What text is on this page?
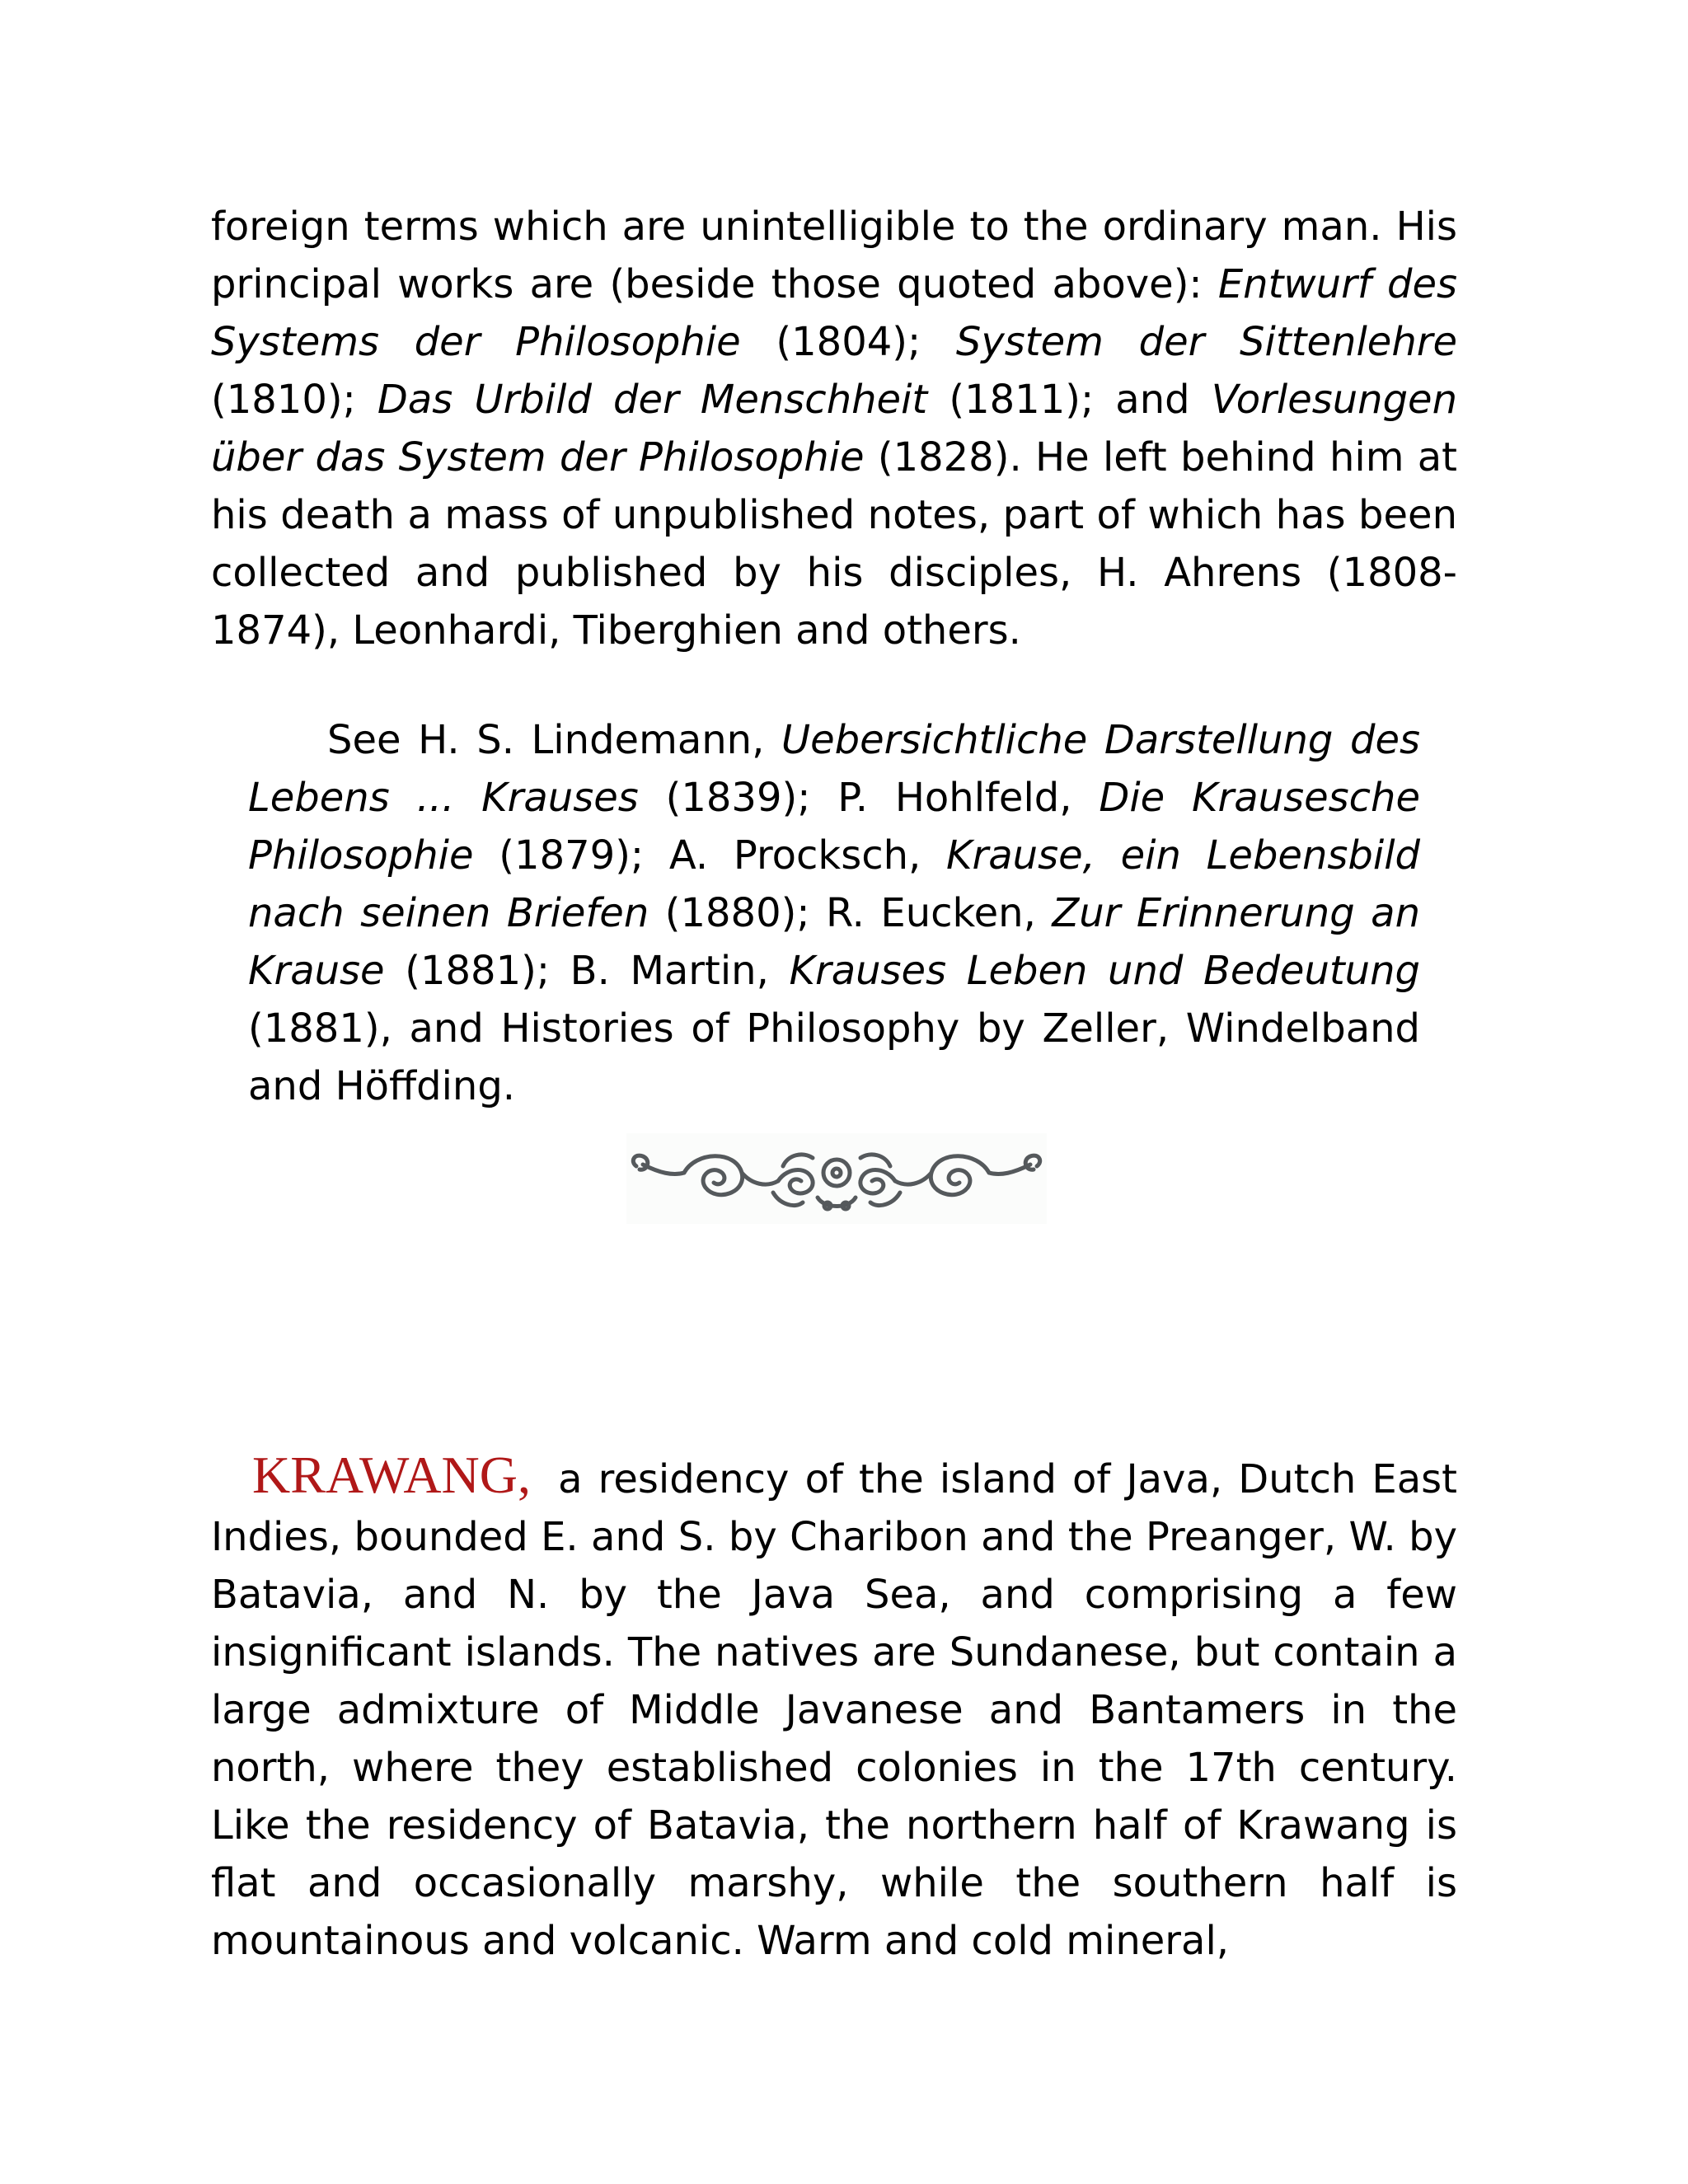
foreign terms which are unintelligible to the ordinary man. His principal works are (beside those quoted above): Entwurf des Systems der Philosophie (1804); System der Sittenlehre (1810); Das Urbild der Menschheit (1811); and Vorlesungen über das System der Philosophie (1828). He left behind him at his death a mass of unpublished notes, part of which has been collected and published by his disciples, H. Ahrens (1808-1874), Leonhardi, Tiberghien and others.

See H. S. Lindemann, Uebersichtliche Darstellung des Lebens ... Krauses (1839); P. Hohlfeld, Die Krausesche Philosophie (1879); A. Procksch, Krause, ein Lebensbild nach seinen Briefen (1880); R. Eucken, Zur Erinnerung an Krause (1881); B. Martin, Krauses Leben und Bedeutung (1881), and Histories of Philosophy by Zeller, Windelband and Höffding.

KRAWANG, a residency of the island of Java, Dutch East Indies, bounded E. and S. by Charibon and the Preanger, W. by Batavia, and N. by the Java Sea, and comprising a few insignificant islands. The natives are Sundanese, but contain a large admixture of Middle Javanese and Bantamers in the north, where they established colonies in the 17th century. Like the residency of Batavia, the northern half of Krawang is flat and occasionally marshy, while the southern half is mountainous and volcanic. Warm and cold mineral,
